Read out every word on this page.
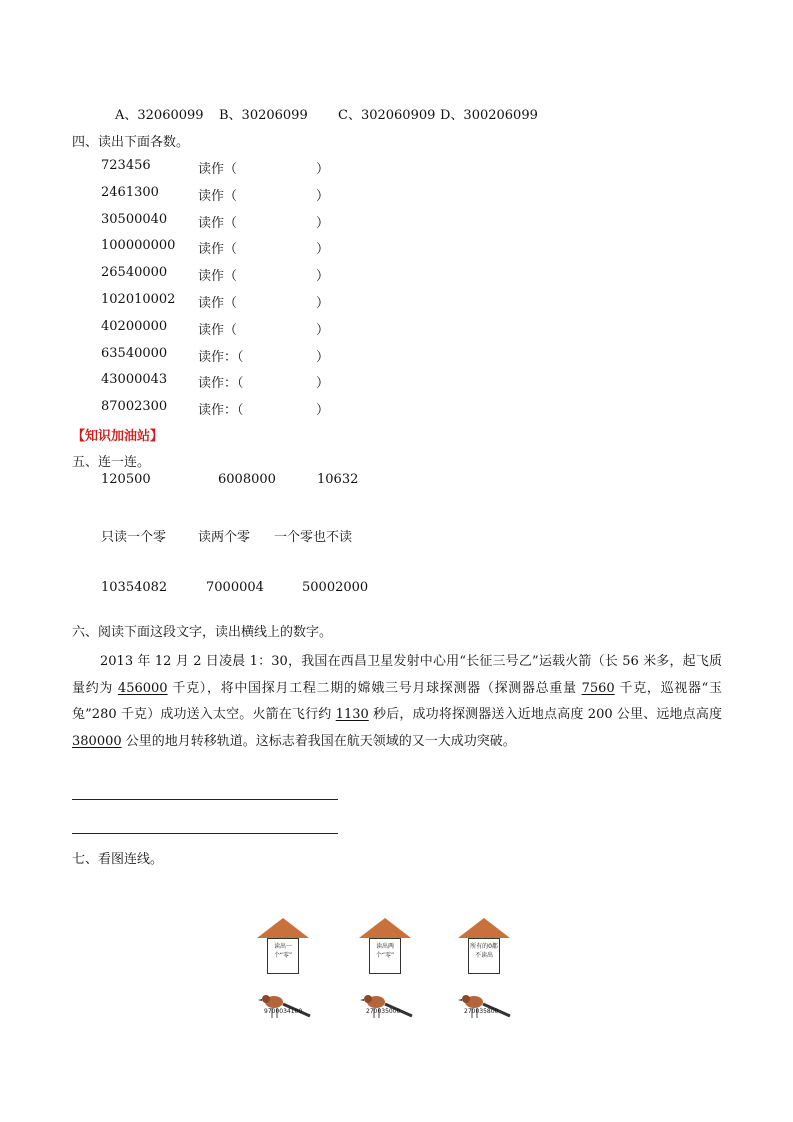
A、32060099 B、30206099 C、302060909 D、300206099
四、读出下面各数。
723456	读作（	）
2461300	读作（	）
30500040 读作（	）
100000000 读作（	）
26540000 读作（	）
102010002 读作（	）
40200000 读作（	）
63540000 读作：（	）
43000043 读作：（	）
87002300 读作：（	）
【知识加油站】
五、连一连。
120500	6008000	10632
只读一个零 读两个零 一个零也不读
10354082	7000004	50002000
六、阅读下面这段文字，读出横线上的数字。
2013 年 12 月 2 日凌晨 1：30，我国在西昌卫星发射中心用“长征三号乙”运载火箭（长 56 米多，起飞质量约为 456000 千克），将中国探月工程二期的嫦娥三号月球探测器（探测器总重量 7560 千克，巡视器“玉兔”280 千克）成功送入太空。火箭在飞行约 1130 秒后，成功将探测器送入近地点高度 200 公里、远地点高度 380000 公里的地月转移轨道。这标志着我国在航天领域的又一大成功突破。
七、看图连线。
读出一个“零”
读出两个“零”
所有的0都不读出
9700034100	270035000	270035800
